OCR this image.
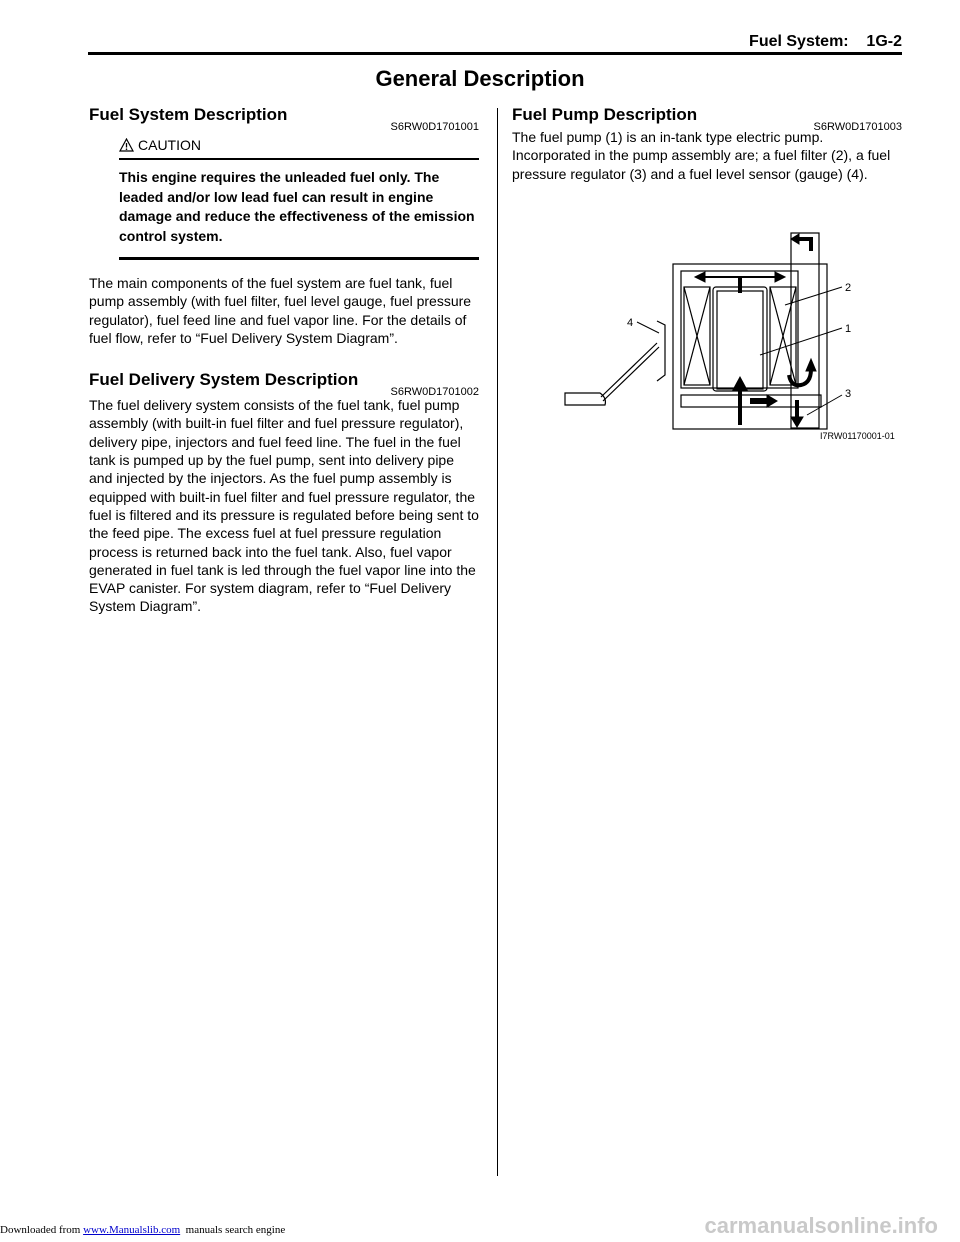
Fuel System: 1G-2
General Description
Fuel System Description
S6RW0D1701001
CAUTION
This engine requires the unleaded fuel only. The leaded and/or low lead fuel can result in engine damage and reduce the effectiveness of the emission control system.

The main components of the fuel system are fuel tank, fuel pump assembly (with fuel filter, fuel level gauge, fuel pressure regulator), fuel feed line and fuel vapor line. For the details of fuel flow, refer to “Fuel Delivery System Diagram”.

Fuel Delivery System Description
S6RW0D1701002

The fuel delivery system consists of the fuel tank, fuel pump assembly (with built-in fuel filter and fuel pressure regulator), delivery pipe, injectors and fuel feed line. The fuel in the fuel tank is pumped up by the fuel pump, sent into delivery pipe and injected by the injectors. As the fuel pump assembly is equipped with built-in fuel filter and fuel pressure regulator, the fuel is filtered and its pressure is regulated before being sent to the feed pipe. The excess fuel at fuel pressure regulation process is returned back into the fuel tank. Also, fuel vapor generated in fuel tank is led through the fuel vapor line into the EVAP canister. For system diagram, refer to “Fuel Delivery System Diagram”.

Fuel Pump Description
S6RW0D1701003

The fuel pump (1) is an in-tank type electric pump. Incorporated in the pump assembly are; a fuel filter (2), a fuel pressure regulator (3) and a fuel level sensor (gauge) (4).

2
1
3
4
I7RW01170001-01
Downloaded from www.Manualslib.com manuals search engine	carmanualsonline.info
